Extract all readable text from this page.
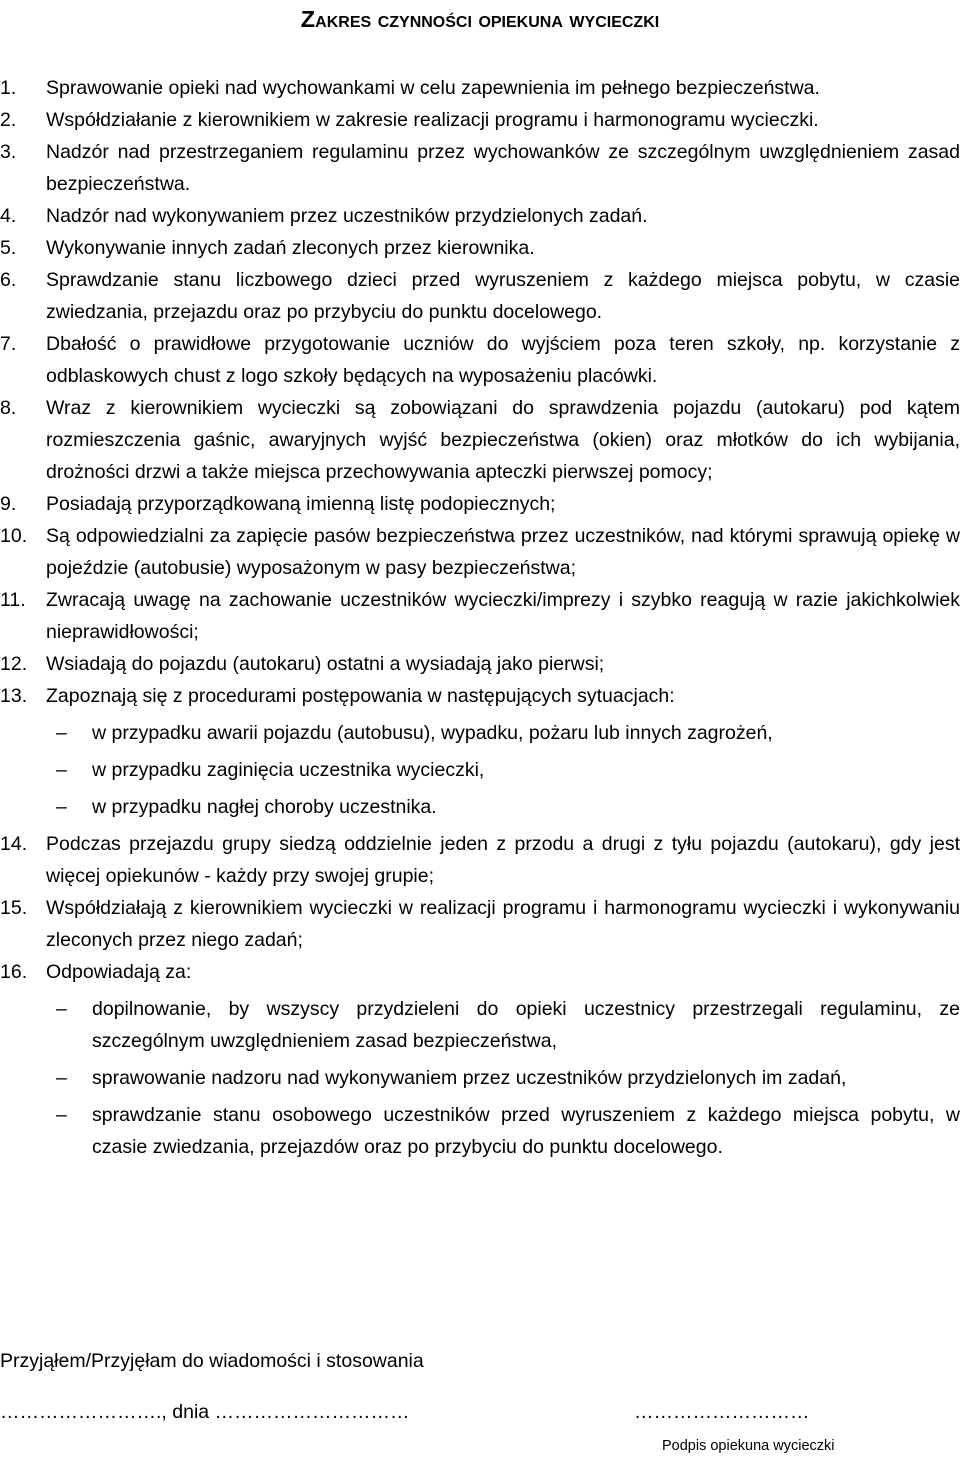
Zakres czynności opiekuna wycieczki
1.	Sprawowanie opieki nad wychowankami w celu zapewnienia im pełnego bezpieczeństwa.
2.	Współdziałanie z kierownikiem w zakresie realizacji programu i harmonogramu wycieczki.
3.	Nadzór nad przestrzeganiem regulaminu przez wychowanków ze szczególnym uwzględnieniem zasad bezpieczeństwa.
4.	Nadzór nad wykonywaniem przez uczestników przydzielonych zadań.
5.	Wykonywanie innych zadań zleconych przez kierownika.
6.	Sprawdzanie stanu liczbowego dzieci przed wyruszeniem z każdego miejsca pobytu, w czasie zwiedzania, przejazdu oraz po przybyciu do punktu docelowego.
7.	Dbałość o prawidłowe przygotowanie uczniów do wyjściem poza teren szkoły, np. korzystanie z odblaskowych chust z logo szkoły będących na wyposażeniu placówki.
8.	Wraz z kierownikiem wycieczki są zobowiązani do sprawdzenia pojazdu (autokaru) pod kątem rozmieszczenia gaśnic, awaryjnych wyjść bezpieczeństwa (okien) oraz młotków do ich wybijania, drożności drzwi a także miejsca przechowywania apteczki pierwszej pomocy;
9.	Posiadają przyporządkowaną imienną listę podopiecznych;
10. Są odpowiedzialni za zapięcie pasów bezpieczeństwa przez uczestników, nad którymi sprawują opiekę w pojeździe (autobusie) wyposażonym w pasy bezpieczeństwa;
11.	Zwracają uwagę na zachowanie uczestników wycieczki/imprezy i szybko reagują w razie jakichkolwiek nieprawidłowości;
12. Wsiadają do pojazdu (autokaru) ostatni a wysiadają jako pierwsi;
13. Zapoznają się z procedurami postępowania w następujących sytuacjach:
–	w przypadku awarii pojazdu (autobusu), wypadku, pożaru lub innych zagrożeń,
–	w przypadku zaginięcia uczestnika wycieczki,
–	w przypadku nagłej choroby uczestnika.
14. Podczas przejazdu grupy siedzą oddzielnie jeden z przodu a drugi z tyłu pojazdu (autokaru), gdy jest więcej opiekunów - każdy przy swojej grupie;
15. Współdziałają z kierownikiem wycieczki w realizacji programu i harmonogramu wycieczki i wykonywaniu zleconych przez niego zadań;
16. Odpowiadają za:
–	dopilnowanie, by wszyscy przydzieleni do opieki uczestnicy przestrzegali regulaminu, ze szczególnym uwzględnieniem zasad bezpieczeństwa,
–	sprawowanie nadzoru nad wykonywaniem przez uczestników przydzielonych im zadań,
–	sprawdzanie stanu osobowego uczestników przed wyruszeniem z każdego miejsca pobytu, w czasie zwiedzania, przejazdów oraz po przybyciu do punktu docelowego.
Przyjąłem/Przyjęłam do wiadomości i stosowania
……………………., dnia …………………………	………………………
Podpis opiekuna wycieczki
